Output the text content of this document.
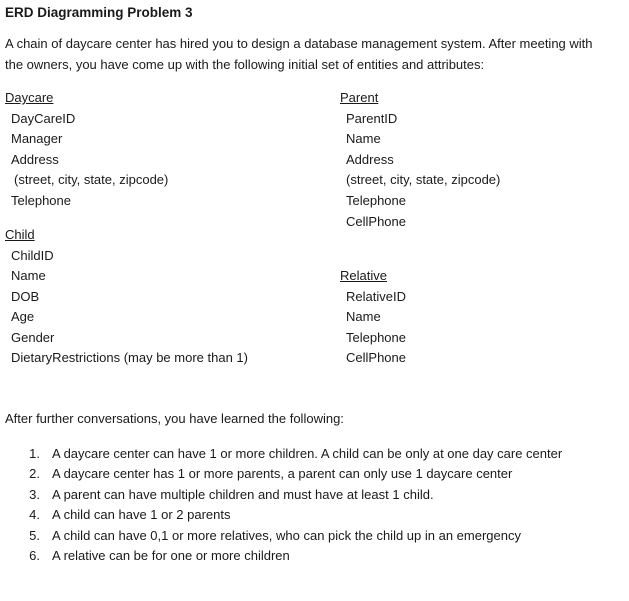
ERD Diagramming Problem 3
A chain of daycare center has hired you to design a database management system. After meeting with
the owners, you have come up with the following initial set of entities and attributes:
Daycare
DayCareID
Manager
Address
(street, city, state, zipcode)
Telephone
Parent
ParentID
Name
Address
(street, city, state, zipcode)
Telephone
CellPhone
Child
ChildID
Name
DOB
Age
Gender
DietaryRestrictions (may be more than 1)
Relative
RelativeID
Name
Telephone
CellPhone
After further conversations, you have learned the following:
1. A daycare center can have 1 or more children. A child can be only at one day care center
2. A daycare center has 1 or more parents, a parent can only use 1 daycare center
3. A parent can have multiple children and must have at least 1 child.
4. A child can have 1 or 2 parents
5. A child can have 0,1 or more relatives, who can pick the child up in an emergency
6. A relative can be for one or more children
